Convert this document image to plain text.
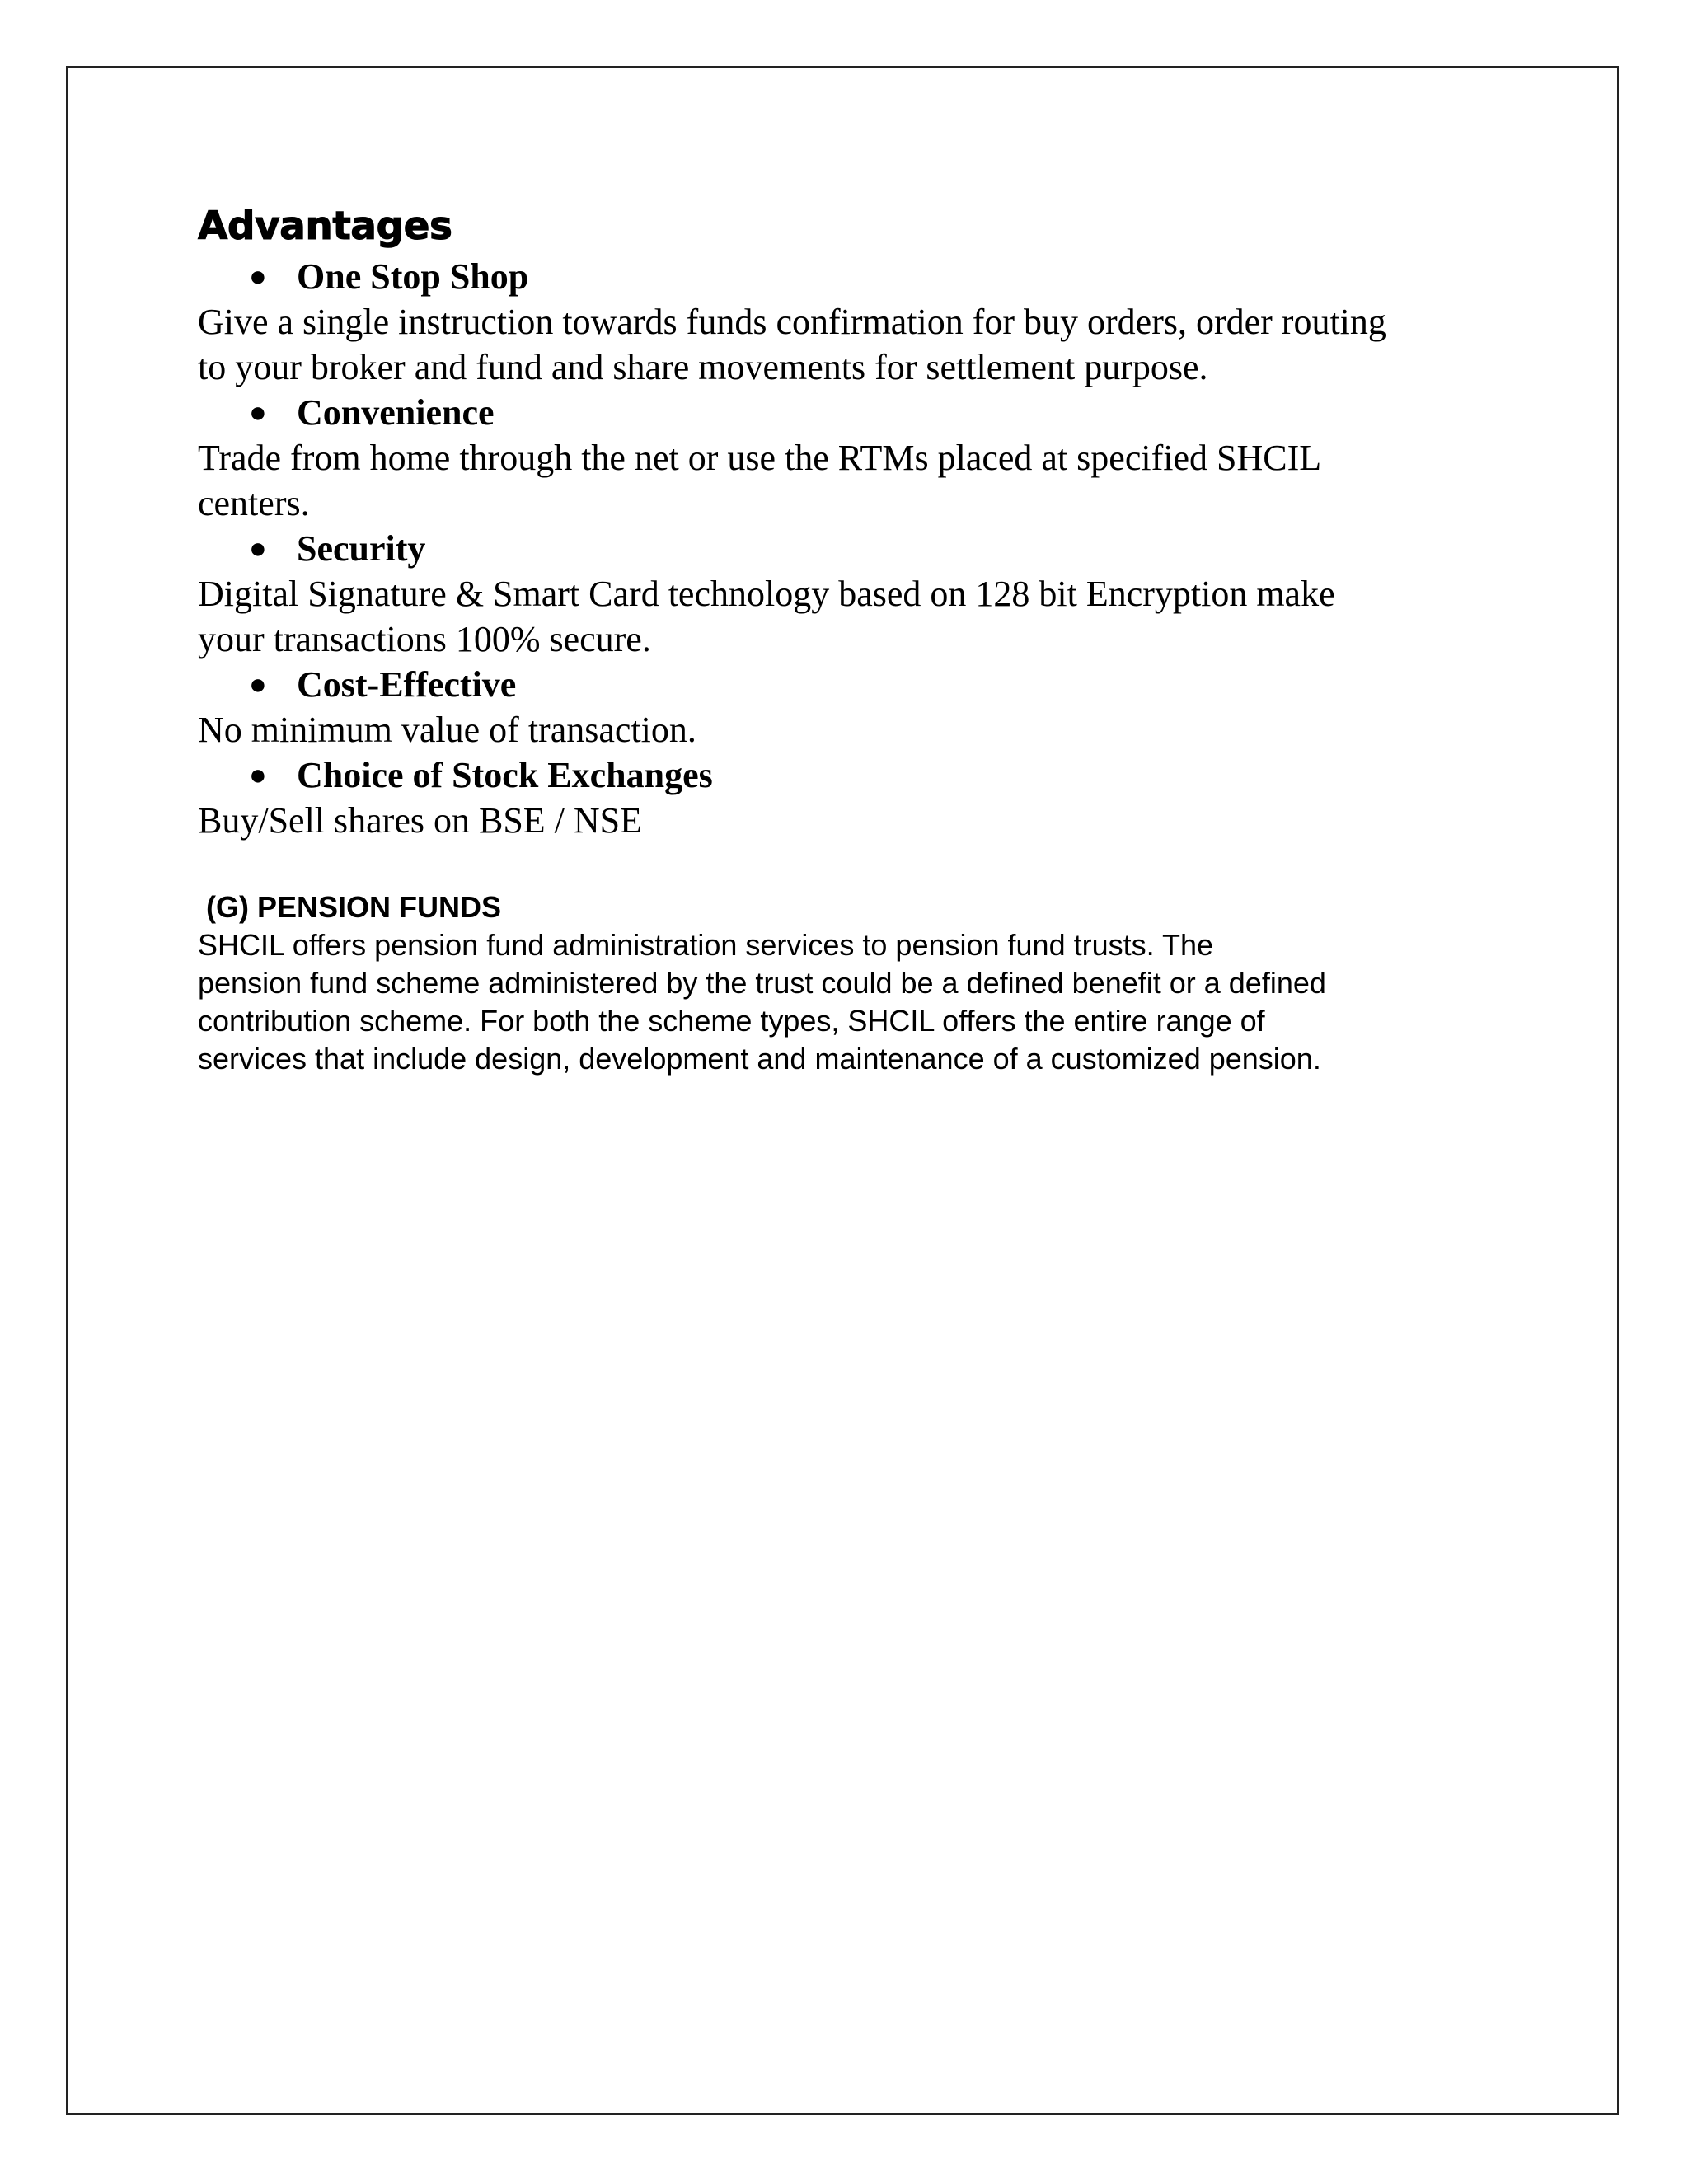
Advantages

● One Stop Shop

Give a single instruction towards funds confirmation for buy orders, order routing
to your broker and fund and share movements for settlement purpose.

● Convenience

Trade from home through the net or use the RTMs placed at specified SHCIL
centers.

● Security

Digital Signature & Smart Card technology based on 128 bit Encryption make
your transactions 100% secure.

● Cost-Effective

No minimum value of transaction.

● Choice of Stock Exchanges

Buy/Sell shares on BSE / NSE

(G) PENSION FUNDS

SHCIL offers pension fund administration services to pension fund trusts. The
pension fund scheme administered by the trust could be a defined benefit or a defined
contribution scheme. For both the scheme types, SHCIL offers the entire range of
services that include design, development and maintenance of a customized pension.
